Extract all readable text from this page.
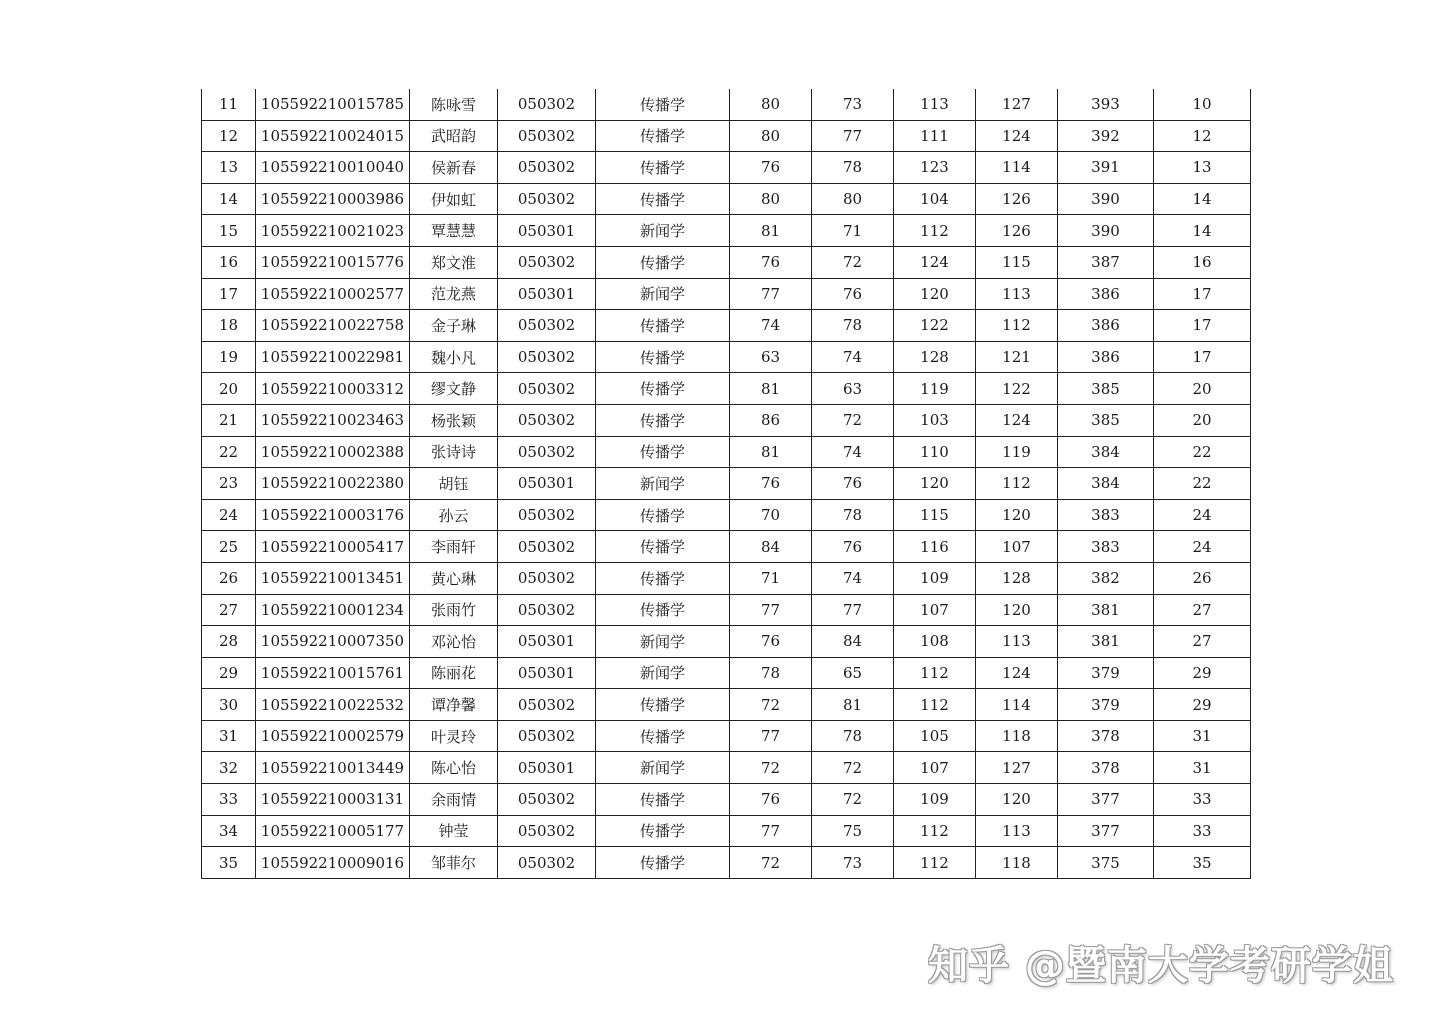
11	105592210015785	陈咏雪	050302	传播学	80	73	113	127	393	10
12	105592210024015	武昭韵	050302	传播学	80	77	111	124	392	12
13	105592210010040	侯新春	050302	传播学	76	78	123	114	391	13
14	105592210003986	伊如虹	050302	传播学	80	80	104	126	390	14
15	105592210021023	覃慧慧	050301	新闻学	81	71	112	126	390	14
16	105592210015776	郑文淮	050302	传播学	76	72	124	115	387	16
17	105592210002577	范龙燕	050301	新闻学	77	76	120	113	386	17
18	105592210022758	金子琳	050302	传播学	74	78	122	112	386	17
19	105592210022981	魏小凡	050302	传播学	63	74	128	121	386	17
20	105592210003312	缪文静	050302	传播学	81	63	119	122	385	20
21	105592210023463	杨张颖	050302	传播学	86	72	103	124	385	20
22	105592210002388	张诗诗	050302	传播学	81	74	110	119	384	22
23	105592210022380	胡钰	050301	新闻学	76	76	120	112	384	22
24	105592210003176	孙云	050302	传播学	70	78	115	120	383	24
25	105592210005417	李雨轩	050302	传播学	84	76	116	107	383	24
26	105592210013451	黄心琳	050302	传播学	71	74	109	128	382	26
27	105592210001234	张雨竹	050302	传播学	77	77	107	120	381	27
28	105592210007350	邓沁怡	050301	新闻学	76	84	108	113	381	27
29	105592210015761	陈丽花	050301	新闻学	78	65	112	124	379	29
30	105592210022532	谭净馨	050302	传播学	72	81	112	114	379	29
31	105592210002579	叶灵玲	050302	传播学	77	78	105	118	378	31
32	105592210013449	陈心怡	050301	新闻学	72	72	107	127	378	31
33	105592210003131	余雨情	050302	传播学	76	72	109	120	377	33
34	105592210005177	钟莹	050302	传播学	77	75	112	113	377	33
35	105592210009016	邹菲尔	050302	传播学	72	73	112	118	375	35
知乎 @暨南大学考研学姐
